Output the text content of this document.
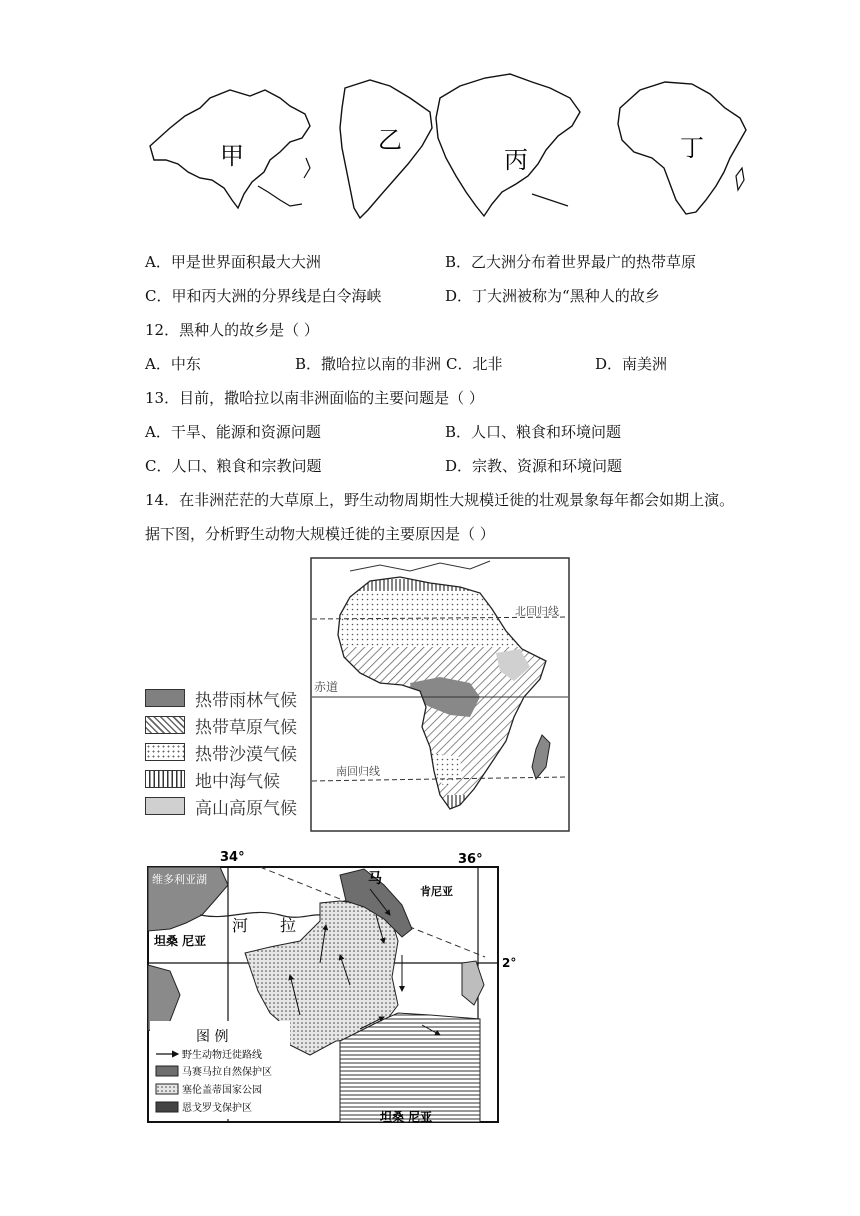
甲
乙
丙	丁
A．甲是世界面积最大大洲	B．乙大洲分布着世界最广的热带草原
C．甲和丙大洲的分界线是白令海峡	D．丁大洲被称为“黑种人的故乡
12．黑种人的故乡是（ ）
A．中东	B．撒哈拉以南的非洲 C．北非	D．南美洲
13．目前，撒哈拉以南非洲面临的主要问题是（ ）
A．干旱、能源和资源问题	B．人口、粮食和环境问题
C．人口、粮食和宗教问题	D．宗教、资源和环境问题
14．在非洲茫茫的大草原上，野生动物周期性大规模迁徙的壮观景象每年都会如期上演。
据下图，分析野生动物大规模迁徙的主要原因是（ ）
北回归线
赤道
南回归线
热带雨林气候
热带草原气候
热带沙漠气候
地中海气候
高山高原气候
34°	36°
2°
维多利亚湖	马
肯尼亚
河 拉
坦桑 尼亚
坦桑 尼亚
图 例
野生动物迁徙路线
马赛马拉自然保护区
塞伦盖蒂国家公园
恩戈罗戈保护区
